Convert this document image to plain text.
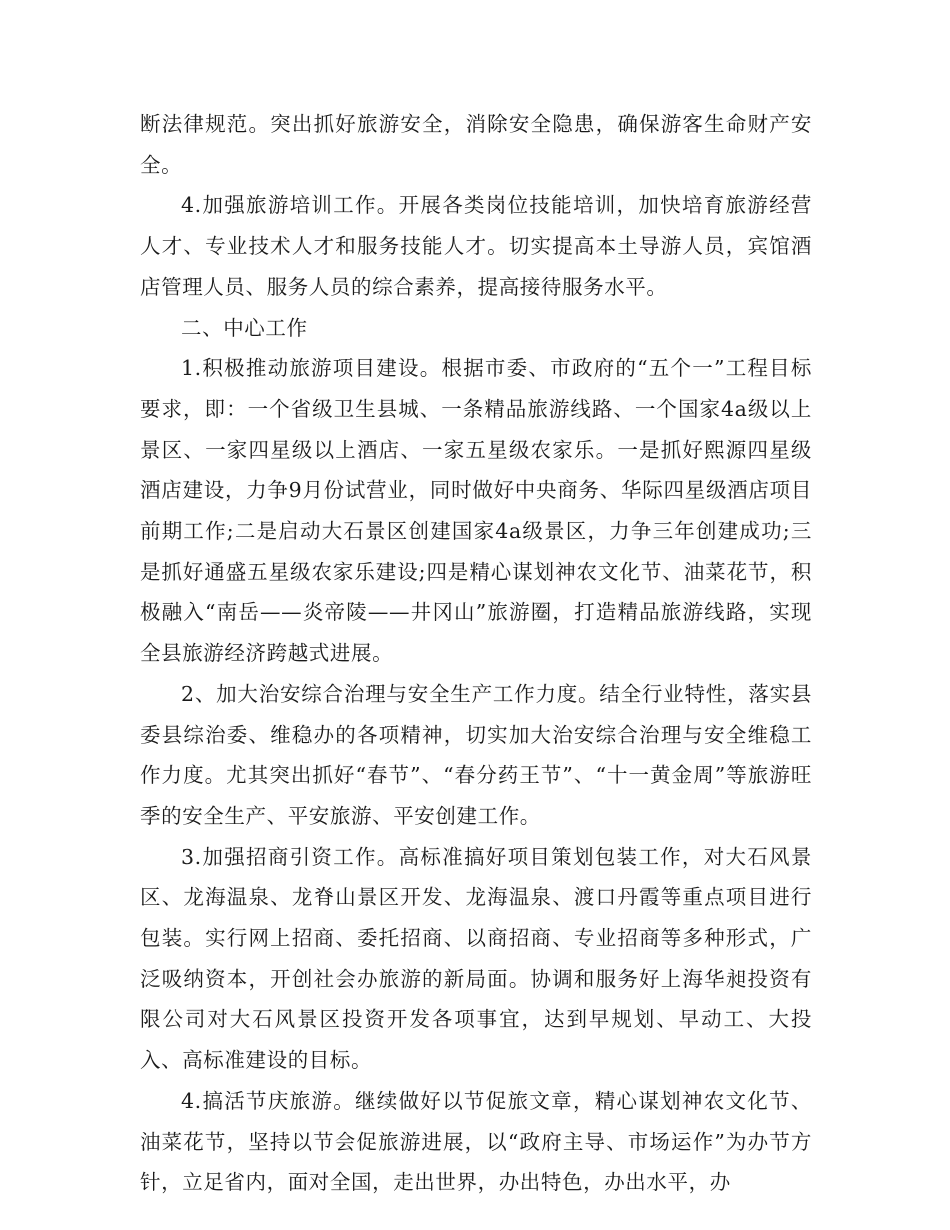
断法律规范。突出抓好旅游安全，消除安全隐患，确保游客生命财产安全。

4.加强旅游培训工作。开展各类岗位技能培训，加快培育旅游经营人才、专业技术人才和服务技能人才。切实提高本土导游人员，宾馆酒店管理人员、服务人员的综合素养，提高接待服务水平。

二、中心工作

1.积极推动旅游项目建设。根据市委、市政府的“五个一”工程目标要求，即：一个省级卫生县城、一条精品旅游线路、一个国家4a级以上景区、一家四星级以上酒店、一家五星级农家乐。一是抓好熙源四星级酒店建设，力争9月份试营业，同时做好中央商务、华际四星级酒店项目前期工作;二是启动大石景区创建国家4a级景区，力争三年创建成功;三是抓好通盛五星级农家乐建设;四是精心谋划神农文化节、油菜花节，积极融入“南岳——炎帝陵——井冈山”旅游圈，打造精品旅游线路，实现全县旅游经济跨越式进展。

2、加大治安综合治理与安全生产工作力度。结全行业特性，落实县委县综治委、维稳办的各项精神，切实加大治安综合治理与安全维稳工作力度。尤其突出抓好“春节”、“春分药王节”、“十一黄金周”等旅游旺季的安全生产、平安旅游、平安创建工作。

3.加强招商引资工作。高标准搞好项目策划包装工作，对大石风景区、龙海温泉、龙脊山景区开发、龙海温泉、渡口丹霞等重点项目进行包装。实行网上招商、委托招商、以商招商、专业招商等多种形式，广泛吸纳资本，开创社会办旅游的新局面。协调和服务好上海华昶投资有限公司对大石风景区投资开发各项事宜，达到早规划、早动工、大投入、高标准建设的目标。

4.搞活节庆旅游。继续做好以节促旅文章，精心谋划神农文化节、油菜花节，坚持以节会促旅游进展，以“政府主导、市场运作”为办节方针，立足省内，面对全国，走出世界，办出特色，办出水平，办
